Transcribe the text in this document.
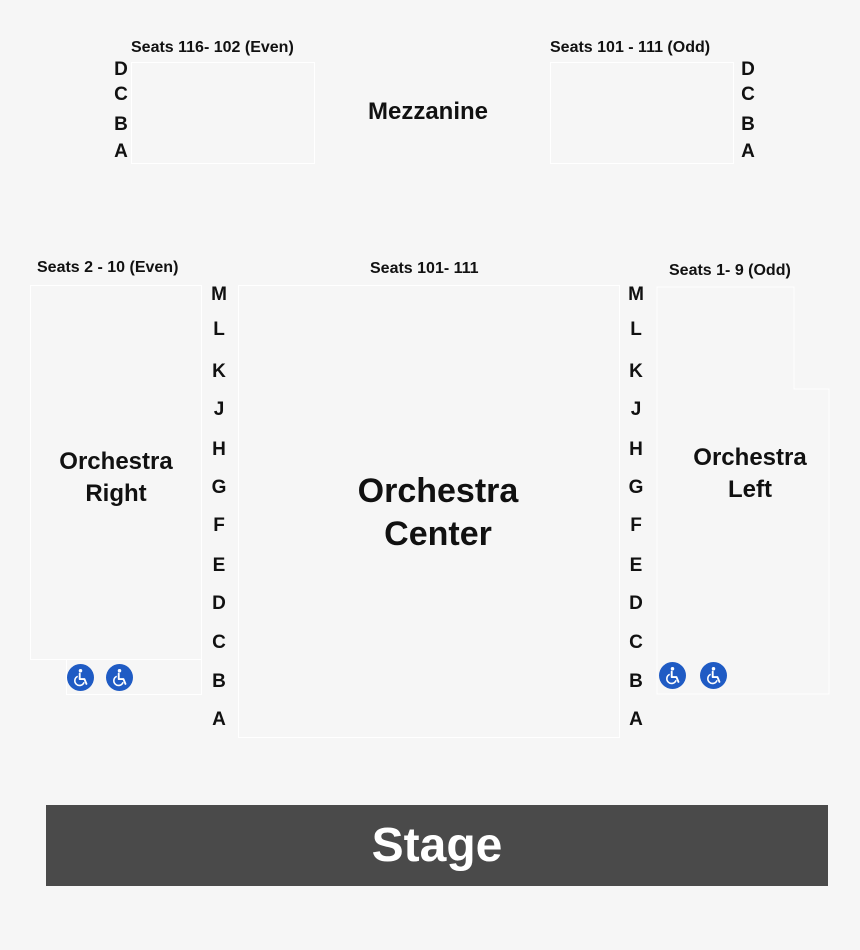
Seats 116- 102 (Even)	Seats 101 - 111 (Odd)
Mezzanine
D
C
B
A
D
C
B
A
Seats 2 - 10 (Even)	Seats 101- 111	Seats 1- 9 (Odd)
Orchestra
Right	Orchestra
Center
M
L
K
J
H
G
F
E
D
C
B
A
M
L
K
J
H
G
F
E
D
C
B
A
Orchestra
Left
Stage
